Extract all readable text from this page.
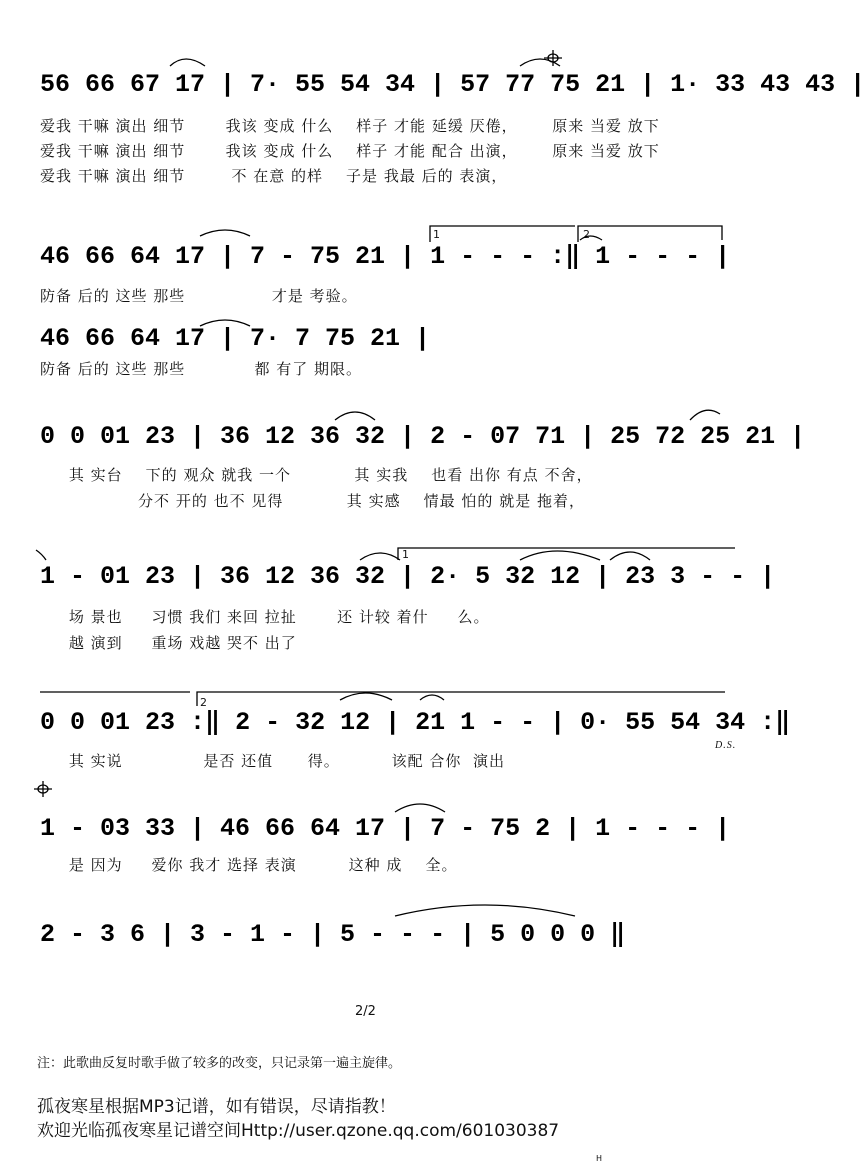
56 66 67 17 | 7· 55 54 34 | 57 77 75 21 | 1· 33 43 43 |
爱我 干嘛 演出 细节       我该 变成 什么    样子 才能 延缓 厌倦，      原来 当爱 放下
爱我 干嘛 演出 细节       我该 变成 什么    样子 才能 配合 出演，      原来 当爱 放下
爱我 干嘛 演出 细节        不 在意 的样    子是 我最 后的 表演，
46 66 64 17 | 7 - 75 21 | 1 - - - :‖ 1 - - - |
防备 后的 这些 那些               才是 考验。
1	2
46 66 64 17 | 7· 7 75 21 |
防备 后的 这些 那些            都 有了 期限。
0 0 01 23 | 36 12 36 32 | 2 - 07 71 | 25 72 25 21 |
其 实台    下的 观众 就我 一个           其 实我    也看 出你 有点 不舍，
分不 开的 也不 见得           其 实感    情最 怕的 就是 拖着，
1 - 01 23 | 36 12 36 32 | 2· 5 32 12 | 23 3 - - |
场 景也     习惯 我们 来回 拉扯       还 计较 着什     么。
越 演到     重场 戏越 哭不 出了
1
0 0 01 23 :‖ 2 - 32 12 | 21 1 - - | 0· 55 54 34 :‖
其 实说              是否 还值      得。         该配 合你  演出
2
D.S.
1 - 03 33 | 46 66 64 17 | 7 - 75 2 | 1 - - - |
是 因为     爱你 我才 选择 表演         这种 成    全。
2 - 3 6 | 3 - 1 - | 5 - - - | 5 0 0 0 ‖
2/2
注：此歌曲反复时歌手做了较多的改变，只记录第一遍主旋律。
孤夜寒星根据MP3记谱，如有错误，尽请指教！
欢迎光临孤夜寒星记谱空间Http://user.qzone.qq.com/601030387
H
